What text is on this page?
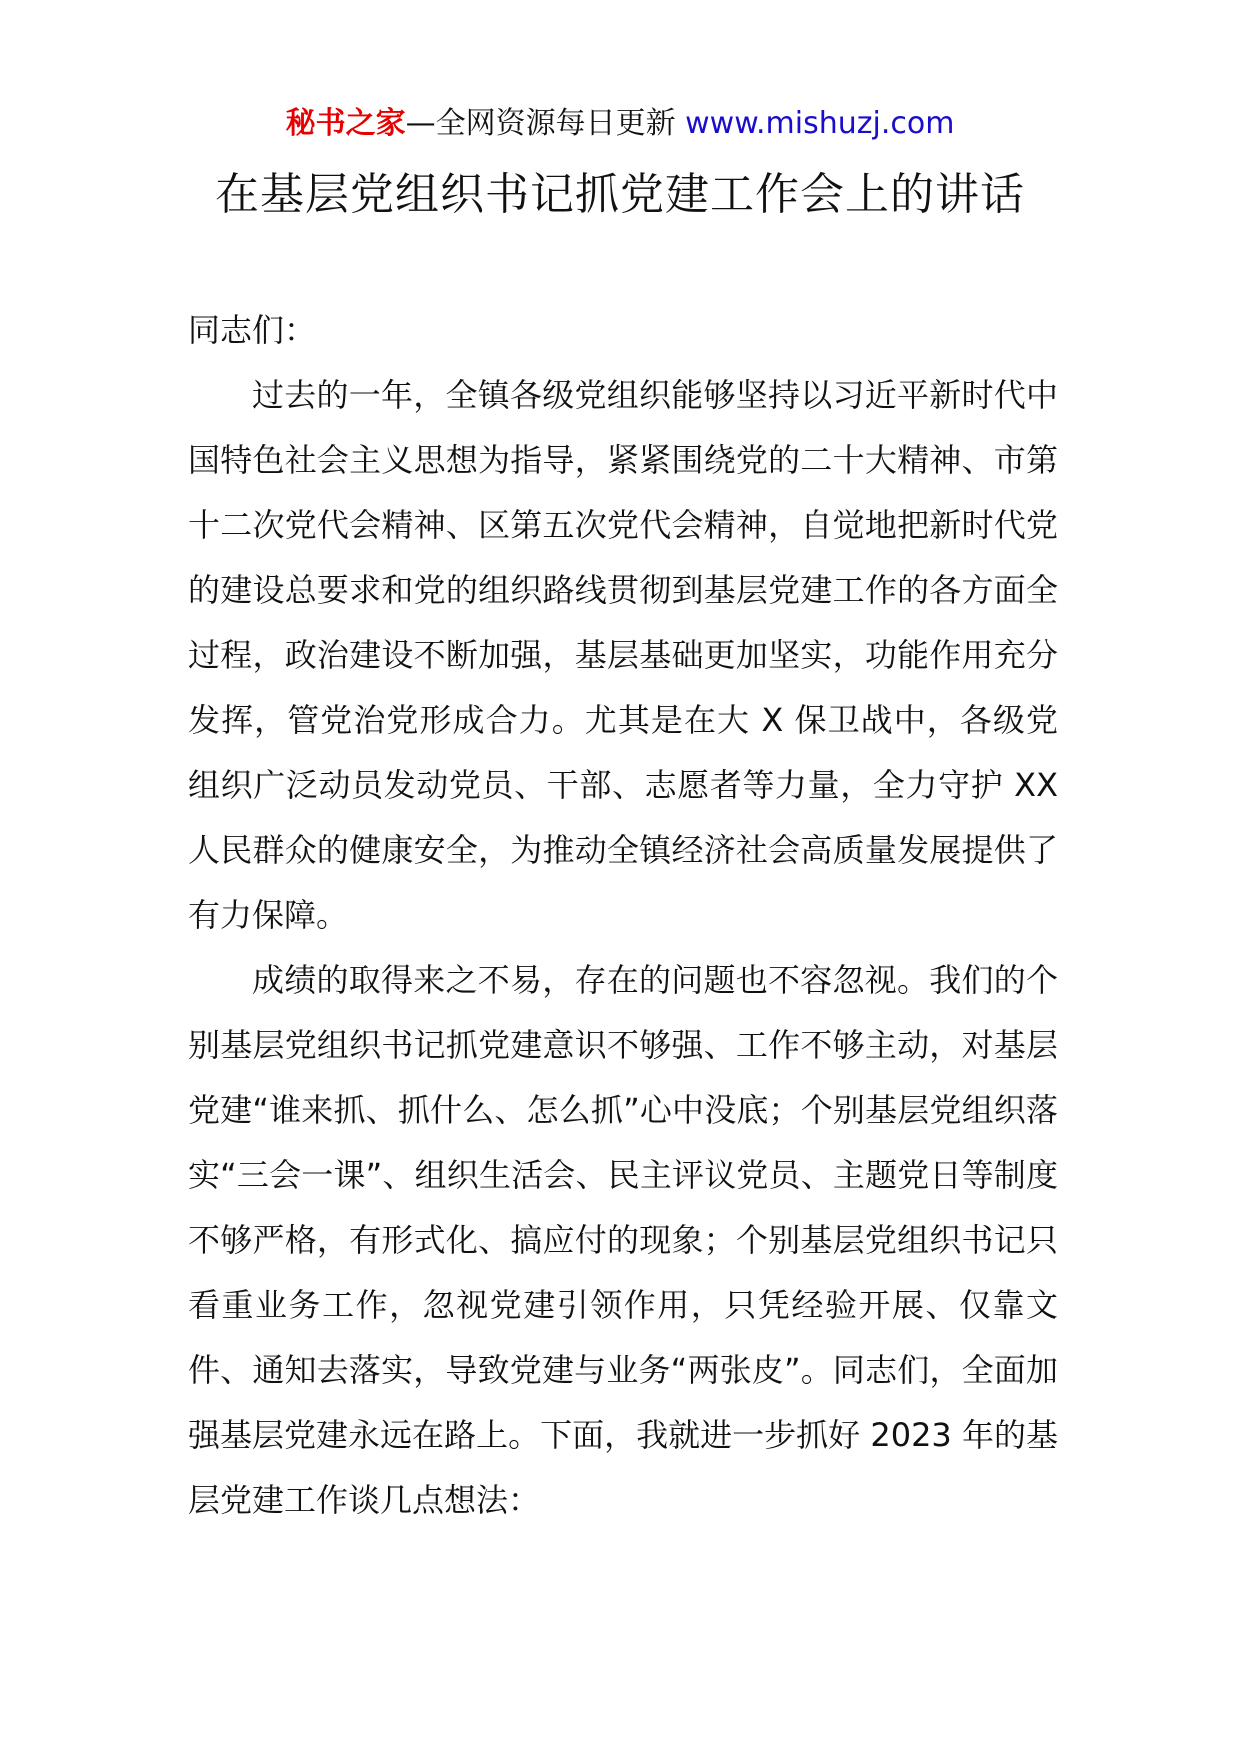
秘书之家—全网资源每日更新 www.mishuzj.com
在基层党组织书记抓党建工作会上的讲话

同志们：

过去的一年，全镇各级党组织能够坚持以习近平新时代中国特色社会主义思想为指导，紧紧围绕党的二十大精神、市第十二次党代会精神、区第五次党代会精神，自觉地把新时代党的建设总要求和党的组织路线贯彻到基层党建工作的各方面全过程，政治建设不断加强，基层基础更加坚实，功能作用充分发挥，管党治党形成合力。尤其是在大 X 保卫战中，各级党组织广泛动员发动党员、干部、志愿者等力量，全力守护 XX 人民群众的健康安全，为推动全镇经济社会高质量发展提供了有力保障。

成绩的取得来之不易，存在的问题也不容忽视。我们的个别基层党组织书记抓党建意识不够强、工作不够主动，对基层党建“谁来抓、抓什么、怎么抓”心中没底；个别基层党组织落实“三会一课”、组织生活会、民主评议党员、主题党日等制度不够严格，有形式化、搞应付的现象；个别基层党组织书记只看重业务工作，忽视党建引领作用，只凭经验开展、仅靠文件、通知去落实，导致党建与业务“两张皮”。同志们，全面加强基层党建永远在路上。下面，我就进一步抓好 2023 年的基层党建工作谈几点想法：
